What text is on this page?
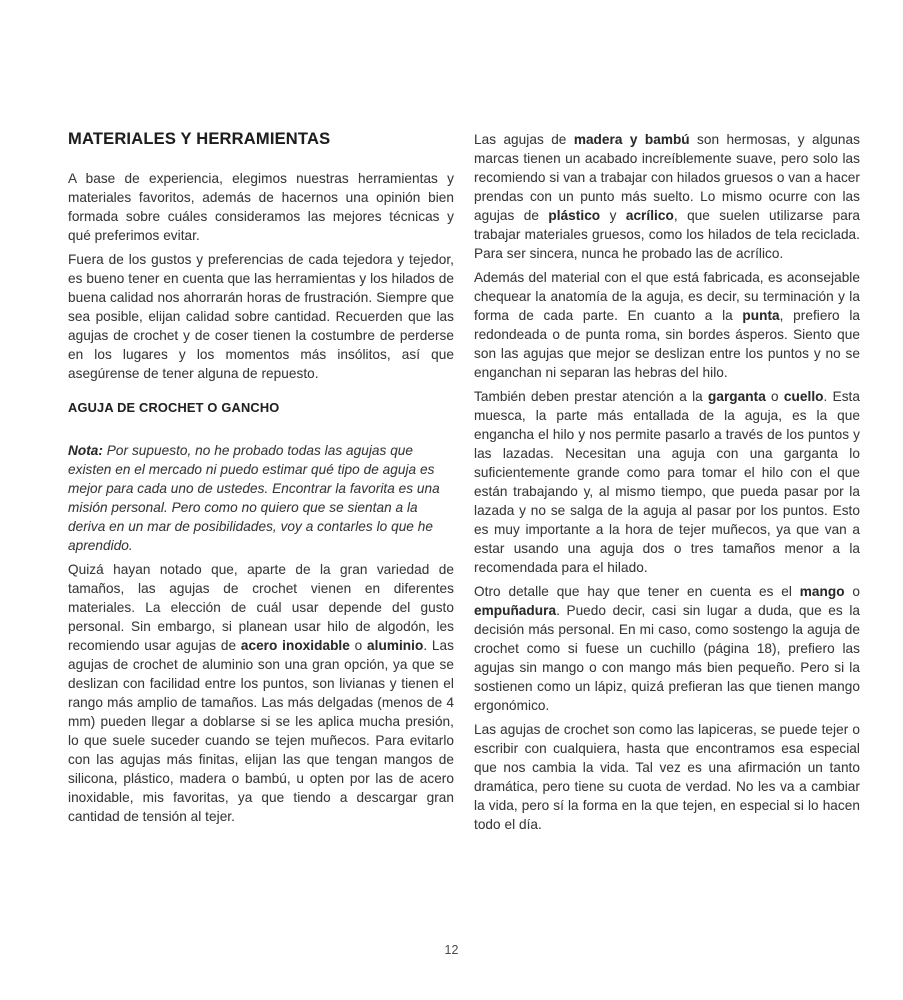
MATERIALES Y HERRAMIENTAS

A base de experiencia, elegimos nuestras herramientas y materiales favoritos, además de hacernos una opinión bien formada sobre cuáles consideramos las mejores técnicas y qué preferimos evitar.

Fuera de los gustos y preferencias de cada tejedora y tejedor, es bueno tener en cuenta que las herramientas y los hilados de buena calidad nos ahorrarán horas de frustración. Siempre que sea posible, elijan calidad sobre cantidad. Recuerden que las agujas de crochet y de coser tienen la costumbre de perderse en los lugares y los momentos más insólitos, así que asegúrense de tener alguna de repuesto.

AGUJA DE CROCHET O GANCHO

Nota: Por supuesto, no he probado todas las agujas que existen en el mercado ni puedo estimar qué tipo de aguja es mejor para cada uno de ustedes. Encontrar la favorita es una misión personal. Pero como no quiero que se sientan a la deriva en un mar de posibilidades, voy a contarles lo que he aprendido.

Quizá hayan notado que, aparte de la gran variedad de tamaños, las agujas de crochet vienen en diferentes materiales. La elección de cuál usar depende del gusto personal. Sin embargo, si planean usar hilo de algodón, les recomiendo usar agujas de acero inoxidable o aluminio. Las agujas de crochet de aluminio son una gran opción, ya que se deslizan con facilidad entre los puntos, son livianas y tienen el rango más amplio de tamaños. Las más delgadas (menos de 4 mm) pueden llegar a doblarse si se les aplica mucha presión, lo que suele suceder cuando se tejen muñecos. Para evitarlo con las agujas más finitas, elijan las que tengan mangos de silicona, plástico, madera o bambú, u opten por las de acero inoxidable, mis favoritas, ya que tiendo a descargar gran cantidad de tensión al tejer.

Las agujas de madera y bambú son hermosas, y algunas marcas tienen un acabado increíblemente suave, pero solo las recomiendo si van a trabajar con hilados gruesos o van a hacer prendas con un punto más suelto. Lo mismo ocurre con las agujas de plástico y acrílico, que suelen utilizarse para trabajar materiales gruesos, como los hilados de tela reciclada. Para ser sincera, nunca he probado las de acrílico.

Además del material con el que está fabricada, es aconsejable chequear la anatomía de la aguja, es decir, su terminación y la forma de cada parte. En cuanto a la punta, prefiero la redondeada o de punta roma, sin bordes ásperos. Siento que son las agujas que mejor se deslizan entre los puntos y no se enganchan ni separan las hebras del hilo.

También deben prestar atención a la garganta o cuello. Esta muesca, la parte más entallada de la aguja, es la que engancha el hilo y nos permite pasarlo a través de los puntos y las lazadas. Necesitan una aguja con una garganta lo suficientemente grande como para tomar el hilo con el que están trabajando y, al mismo tiempo, que pueda pasar por la lazada y no se salga de la aguja al pasar por los puntos. Esto es muy importante a la hora de tejer muñecos, ya que van a estar usando una aguja dos o tres tamaños menor a la recomendada para el hilado.

Otro detalle que hay que tener en cuenta es el mango o empuñadura. Puedo decir, casi sin lugar a duda, que es la decisión más personal. En mi caso, como sostengo la aguja de crochet como si fuese un cuchillo (página 18), prefiero las agujas sin mango o con mango más bien pequeño. Pero si la sostienen como un lápiz, quizá prefieran las que tienen mango ergonómico.

Las agujas de crochet son como las lapiceras, se puede tejer o escribir con cualquiera, hasta que encontramos esa especial que nos cambia la vida. Tal vez es una afirmación un tanto dramática, pero tiene su cuota de verdad. No les va a cambiar la vida, pero sí la forma en la que tejen, en especial si lo hacen todo el día.

12
